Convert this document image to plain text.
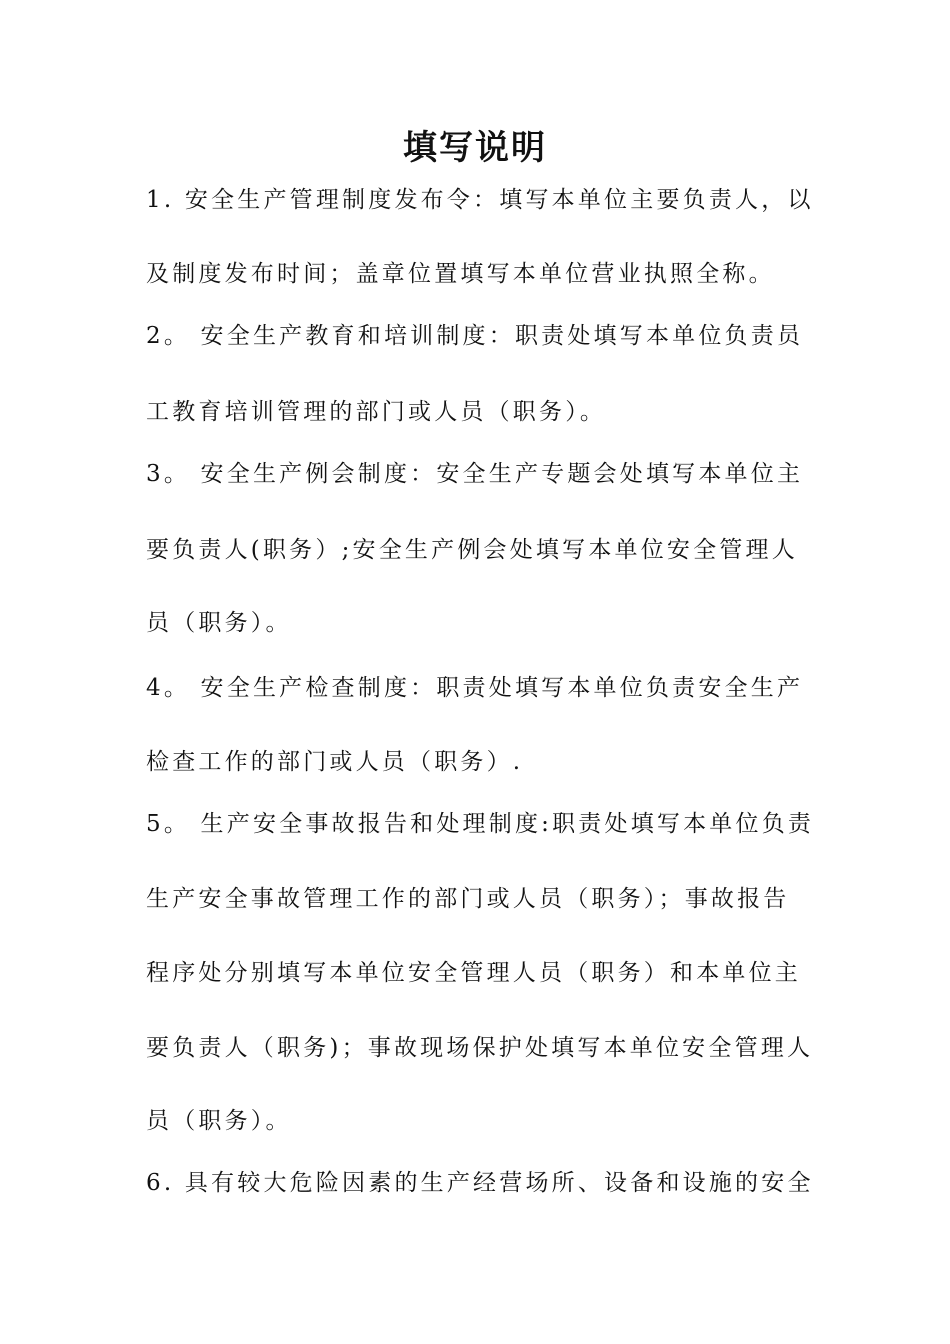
填写说明
1. 安全生产管理制度发布令：填写本单位主要负责人，以
及制度发布时间；盖章位置填写本单位营业执照全称。
2。 安全生产教育和培训制度：职责处填写本单位负责员
工教育培训管理的部门或人员（职务）。
3。 安全生产例会制度：安全生产专题会处填写本单位主
要负责人(职务）;安全生产例会处填写本单位安全管理人
员（职务）。
4。 安全生产检查制度：职责处填写本单位负责安全生产
检查工作的部门或人员（职务）.
5。 生产安全事故报告和处理制度:职责处填写本单位负责
生产安全事故管理工作的部门或人员（职务）；事故报告
程序处分别填写本单位安全管理人员（职务）和本单位主
要负责人（职务)；事故现场保护处填写本单位安全管理人
员（职务）。
6. 具有较大危险因素的生产经营场所、设备和设施的安全
